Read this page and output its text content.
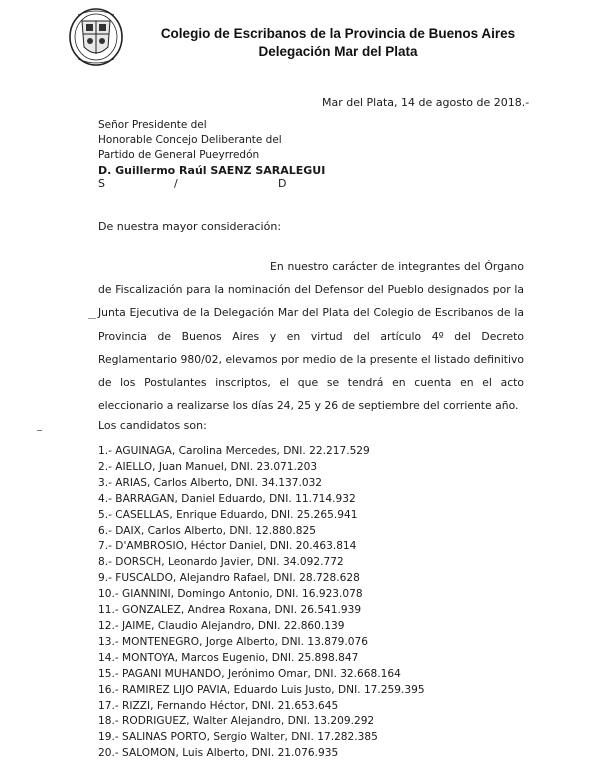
Colegio de Escribanos de la Provincia de Buenos Aires
Delegación Mar del Plata
Mar del Plata, 14 de agosto de 2018.-
Señor Presidente del
Honorable Concejo Deliberante del
Partido de General Pueyrredón
D. Guillermo Raúl SAENZ SARALEGUI
S	/	D
De nuestra mayor consideración:
En nuestro carácter de integrantes del Órgano de Fiscalización para la nominación del Defensor del Pueblo designados por la Junta Ejecutiva de la Delegación Mar del Plata del Colegio de Escribanos de la Provincia de Buenos Aires y en virtud del artículo 4º del Decreto Reglamentario 980/02, elevamos por medio de la presente el listado definitivo de los Postulantes inscriptos, el que se tendrá en cuenta en el acto eleccionario a realizarse los días 24, 25 y 26 de septiembre del corriente año.
Los candidatos son:
1.- AGUINAGA, Carolina Mercedes, DNI. 22.217.529
2.- AIELLO, Juan Manuel, DNI. 23.071.203
3.- ARIAS, Carlos Alberto, DNI. 34.137.032
4.- BARRAGAN, Daniel Eduardo, DNI. 11.714.932
5.- CASELLAS, Enrique Eduardo, DNI. 25.265.941
6.- DAIX, Carlos Alberto, DNI. 12.880.825
7.- D'AMBROSIO, Héctor Daniel, DNI. 20.463.814
8.- DORSCH, Leonardo Javier, DNI. 34.092.772
9.- FUSCALDO, Alejandro Rafael, DNI. 28.728.628
10.- GIANNINI, Domingo Antonio, DNI. 16.923.078
11.- GONZALEZ, Andrea Roxana, DNI. 26.541.939
12.- JAIME, Claudio Alejandro, DNI. 22.860.139
13.- MONTENEGRO, Jorge Alberto, DNI. 13.879.076
14.- MONTOYA, Marcos Eugenio, DNI. 25.898.847
15.- PAGANI MUHANDO, Jerónimo Omar, DNI. 32.668.164
16.- RAMIREZ LIJO PAVIA, Eduardo Luis Justo, DNI. 17.259.395
17.- RIZZI, Fernando Héctor, DNI. 21.653.645
18.- RODRIGUEZ, Walter Alejandro, DNI. 13.209.292
19.- SALINAS PORTO, Sergio Walter, DNI. 17.282.385
20.- SALOMON, Luis Alberto, DNI. 21.076.935
